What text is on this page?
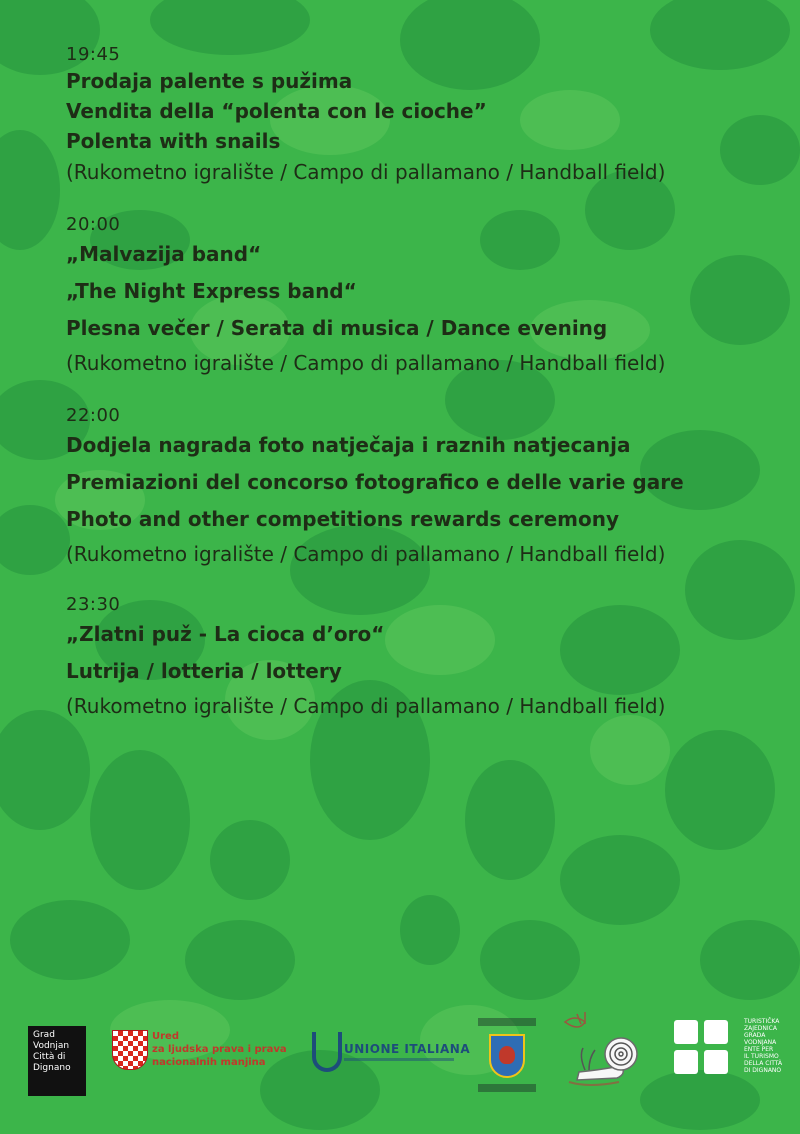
19:45
Prodaja palente s pužima
Vendita della “polenta con le cioche”
Polenta with snails
(Rukometno igralište / Campo di pallamano / Handball field)
20:00
„Malvazija band“
„The Night Express band“
Plesna večer / Serata di musica / Dance evening
(Rukometno igralište / Campo di pallamano / Handball field)
22:00
Dodjela nagrada foto natječaja i raznih natjecanja
Premiazioni del concorso fotografico e delle varie gare
Photo and other competitions rewards ceremony
(Rukometno igralište / Campo di pallamano / Handball field)
23:30
„Zlatni puž - La cioca d’oro“
Lutrija / lotteria / lottery
(Rukometno igralište / Campo di pallamano / Handball field)
Grad
Vodnjan
Città di
Dignano
Ured
za ljudska prava i prava
nacionalnih manjina
UNIONE ITALIANA
TURISTIČKA
ZAJEDNICA
GRADA
VODNJANA
ENTE PER
IL TURISMO
DELLA CITTÀ
DI DIGNANO
